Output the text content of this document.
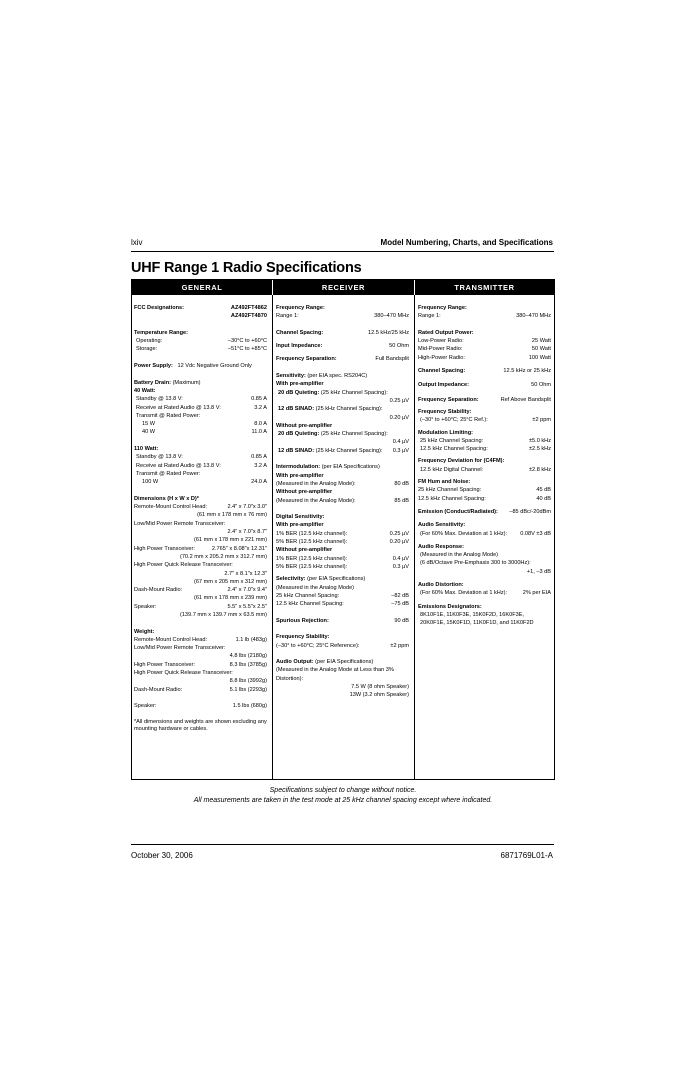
lxiv	Model Numbering, Charts, and Specifications
UHF Range 1 Radio Specifications
GENERAL	RECEIVER	TRANSMITTER
FCC Designations:	AZ492FT4862
AZ492FT4870
Temperature Range:
Operating:	–30°C to +60°C
Storage:	–51°C to +85°C
Power Supply: 12 Vdc Negative Ground Only
Battery Drain: (Maximum)
40 Watt:
Standby @ 13.8 V:	0.85 A
Receive at Rated Audio @ 13.8 V:	3.2 A
Transmit @ Rated Power:
15 W	8.0 A
40 W	11.0 A
110 Watt:
Standby @ 13.8 V:	0.85 A
Receive at Rated Audio @ 13.8 V:	3.2 A
Transmit @ Rated Power:
100 W	24.0 A
Dimensions (H x W x D)*
Remote-Mount Control Head:	2.4" x 7.0"x 3.0"
(61 mm x 178 mm x 76 mm)
Low/Mid Power Remote Transceiver:
2.4" x 7.0"x 8.7"
(61 mm x 178 mm x 221 mm)
High Power Transceiver:	2.765" x 8.08"x 12.31"
(70.2 mm x 205.2 mm x 312.7 mm)
High Power Quick Release Transceiver:
2.7" x 8.1"x 12.3"
(67 mm x 205 mm x 312 mm)
Dash-Mount Radio:	2.4" x 7.0"x 9.4"
(61 mm x 178 mm x 239 mm)
Speaker:	5.5" x 5.5"x 2.5"
(139.7 mm x 139.7 mm x 63.5 mm)
Weight:
Remote-Mount Control Head:	1.1 lb (483g)
Low/Mid Power Remote Transceiver:
4.8 lbs (2180g)
High Power Transceiver:	8.3 lbs (3785g)
High Power Quick Release Transceiver:
8.8 lbs (3992g)
Dash-Mount Radio:	5.1 lbs (2293g)
Speaker:	1.5 lbs (680g)
*All dimensions and weights are shown excluding any mounting hardware or cables.
Frequency Range:
Range 1:	380–470 MHz
Channel Spacing:	12.5 kHz/25 kHz
Input Impedance:	50 Ohm
Frequency Separation:	Full Bandsplit
Sensitivity: (per EIA spec. RS204C)
With pre-amplifier
20 dB Quieting: (25 kHz Channel Spacing):
0.25 µV
12 dB SINAD: (25 kHz Channel Spacing):
0.20 µV
Without pre-amplifier
20 dB Quieting: (25 kHz Channel Spacing):
0.4 µV
12 dB SINAD: (25 kHz Channel Spacing): 0.3 µV
Intermodulation: (per EIA Specifications)
With pre-amplifier
(Measured in the Analog Mode):	80 dB
Without pre-amplifier
(Measured in the Analog Mode):	85 dB
Digital Sensitivity:
With pre-amplifier
1% BER (12.5 kHz channel):	0.25 µV
5% BER (12.5 kHz channel):	0.20 µV
Without pre-amplifier
1% BER (12.5 kHz channel):	0.4 µV
5% BER (12.5 kHz channel):	0.3 µV
Selectivity: (per EIA Specifications)
(Measured in the Analog Mode)
25 kHz Channel Spacing:	–82 dB
12.5 kHz Channel Spacing:	–75 dB
Spurious Rejection:	90 dB
Frequency Stability:
(–30° to +60°C; 25°C Reference):	±2 ppm
Audio Output: (per EIA Specifications)
(Measured in the Analog Mode at Less than 3% Distortion):
7.5 W (8 ohm Speaker)
13W (3.2 ohm Speaker)
Frequency Range:
Range 1:	380–470 MHz
Rated Output Power:
Low-Power Radio:	25 Watt
Mid-Power Radio:	50 Watt
High-Power Radio:	100 Watt
Channel Spacing:	12.5 kHz or 25 kHz
Output Impedance:	50 Ohm
Frequency Separation:	Ref Above Bandsplit
Frequency Stability:
(–30° to +60°C; 25°C Ref.):	±2 ppm
Modulation Limiting:
25 kHz Channel Spacing:	±5.0 kHz
12.5 kHz Channel Spacing:	±2.5 kHz
Frequency Deviation for (C4FM):
12.5 kHz Digital Channel:	±2.8 kHz
FM Hum and Noise:
25 kHz Channel Spacing:	45 dB
12.5 kHz Channel Spacing:	40 dB
Emission (Conduct/Radiated): –85 dBc/-20dBm
Audio Sensitivity:
(For 60% Max. Deviation at 1 kHz): 0.08V ±3 dB
Audio Response:
(Measured in the Analog Mode)
(6 dB/Octave Pre-Emphasis 300 to 3000Hz):
+1, –3 dB
Audio Distortion:
(For 60% Max. Deviation at 1 kHz):	2% per EIA
Emissions Designators:
8K10F1E, 11K0F3E, 15K0F2D, 16K0F3E,
20K0F1E, 15K0F1D, 11K0F1D, and 11K0F2D
Specifications subject to change without notice.
All measurements are taken in the test mode at 25 kHz channel spacing except where indicated.
October 30, 2006	6871769L01-A
